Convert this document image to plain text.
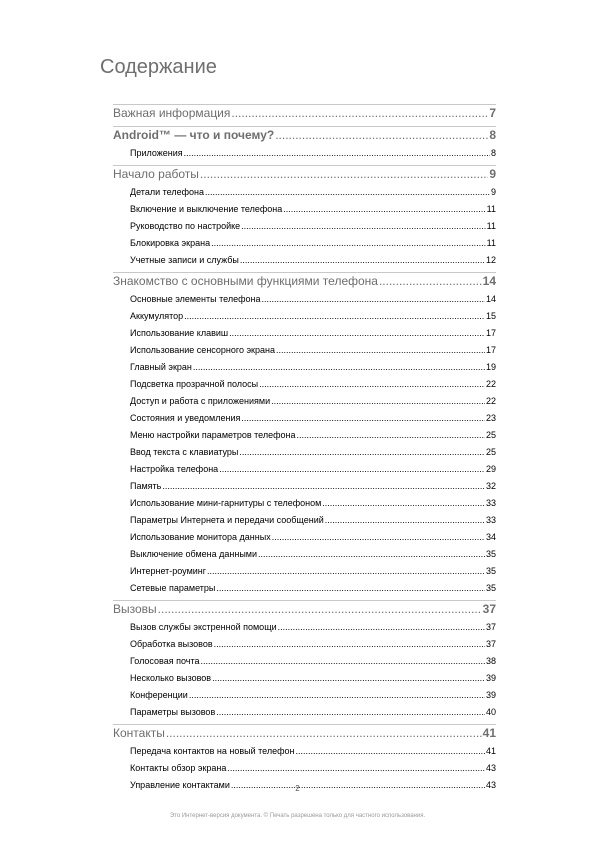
Содержание
Важная информация .....	7
Android™ — что и почему? .....	8
Приложения .....	8
Начало работы .....	9
Детали телефона .....	9
Включение и выключение телефона .....	11
Руководство по настройке .....	11
Блокировка экрана .....	11
Учетные записи и службы .....	12
Знакомство с основными функциями телефона .....	14
Основные элементы телефона .....	14
Аккумулятор .....	15
Использование клавиш .....	17
Использование сенсорного экрана .....	17
Главный экран .....	19
Подсветка прозрачной полосы .....	22
Доступ и работа с приложениями .....	22
Состояния и уведомления .....	23
Меню настройки параметров телефона .....	25
Ввод текста с клавиатуры .....	25
Настройка телефона .....	29
Память .....	32
Использование мини-гарнитуры с телефоном .....	33
Параметры Интернета и передачи сообщений .....	33
Использование монитора данных .....	34
Выключение обмена данными .....	35
Интернет-роуминг .....	35
Сетевые параметры .....	35
Вызовы .....	37
Вызов службы экстренной помощи .....	37
Обработка вызовов .....	37
Голосовая почта .....	38
Несколько вызовов .....	39
Конференции .....	39
Параметры вызовов .....	40
Контакты .....	41
Передача контактов на новый телефон .....	41
Контакты обзор экрана .....	43
Управление контактами .....	43
2
Это Интернет-версия документа. © Печать разрешена только для частного использования.
